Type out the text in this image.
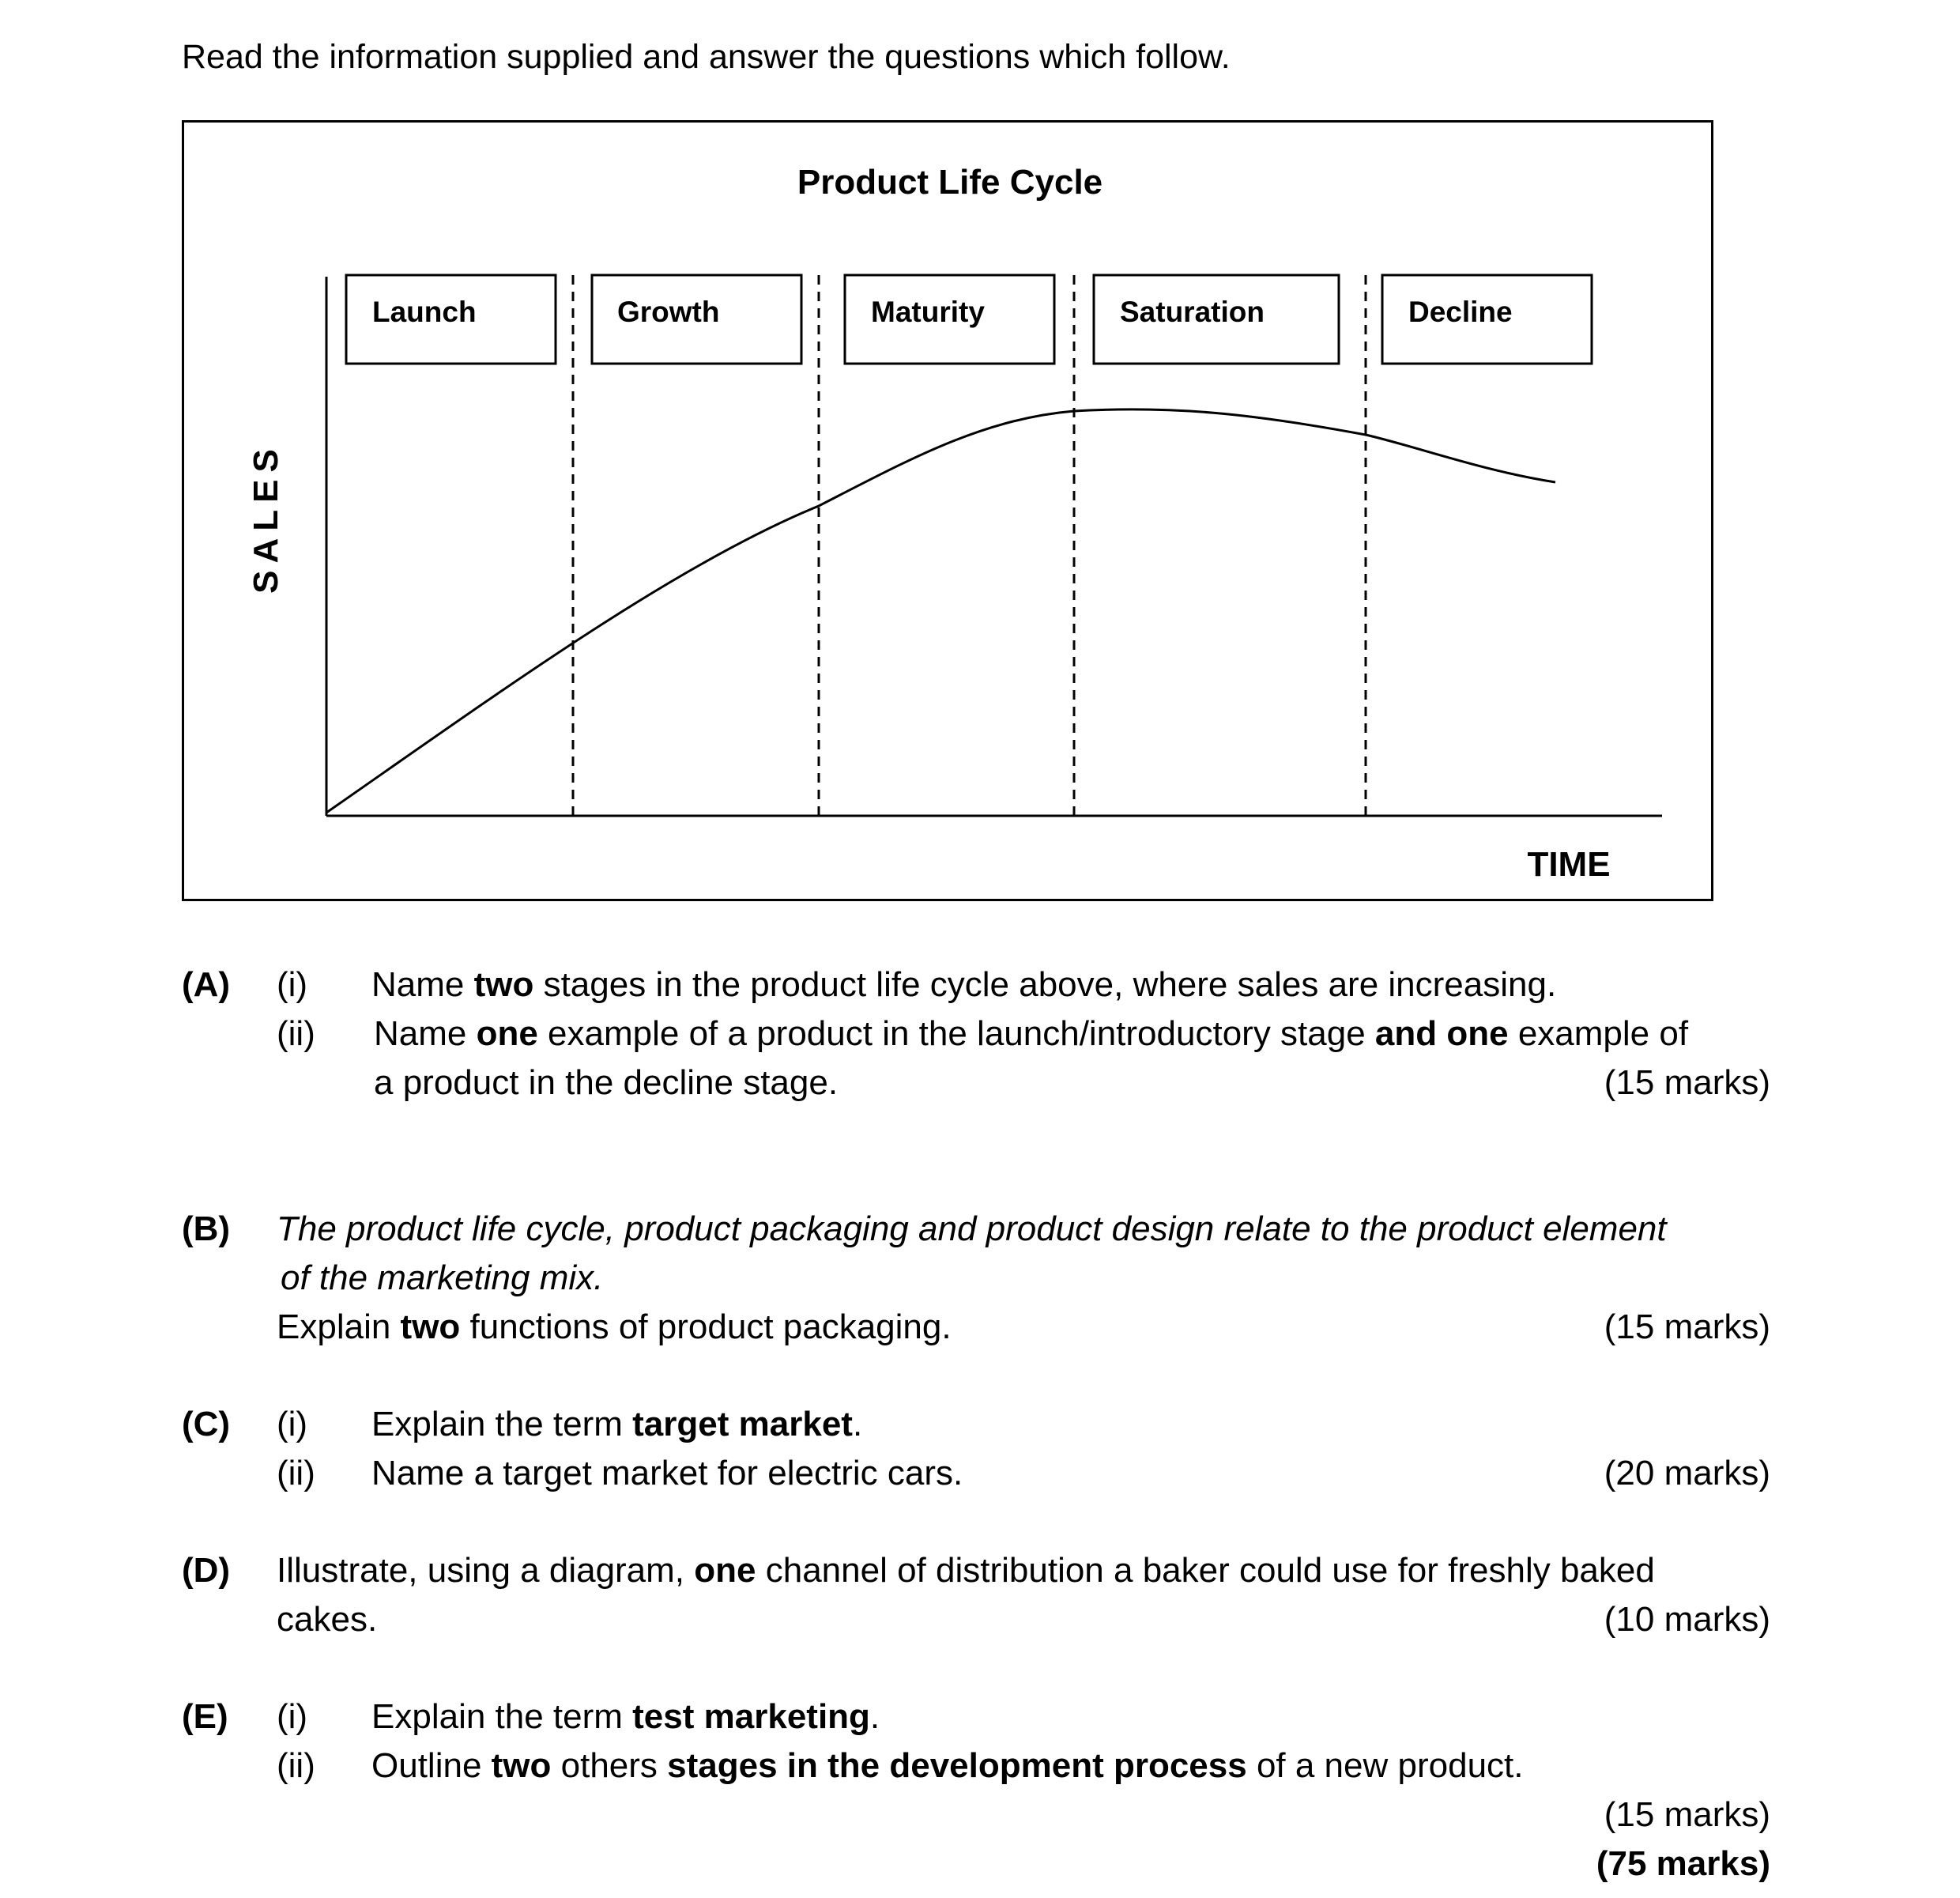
Read the information supplied and answer the questions which follow.
Product Life Cycle
Launch	Growth	Maturity	Saturation	Decline
SALES
TIME
(A) (i) Name two stages in the product life cycle above, where sales are increasing.
(ii) Name one example of a product in the launch/introductory stage and one example of
a product in the decline stage.	(15 marks)
(B) The product life cycle, product packaging and product design relate to the product element
of the marketing mix.
Explain two functions of product packaging.	(15 marks)
(C) (i) Explain the term target market.
(ii) Name a target market for electric cars.	(20 marks)
(D) Illustrate, using a diagram, one channel of distribution a baker could use for freshly baked
cakes.	(10 marks)
(E) (i) Explain the term test marketing.
(ii) Outline two others stages in the development process of a new product.
(15 marks)
(75 marks)
